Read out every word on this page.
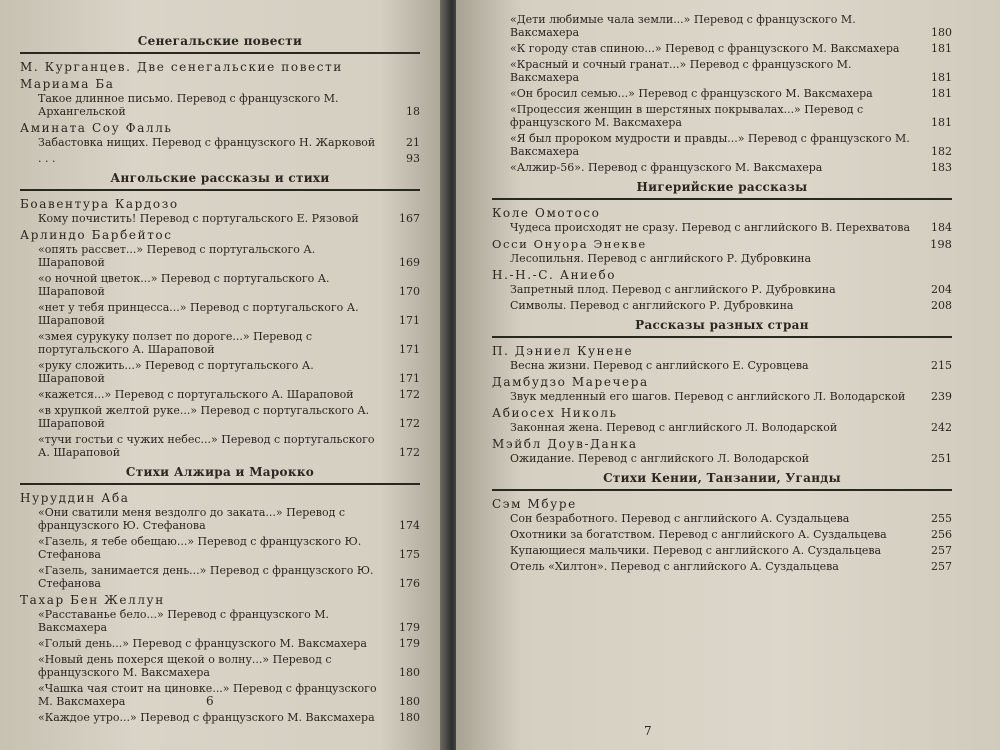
Сенегальские повести
М. Курганцев. Две сенегальские повести
Мариама Ба
Такое длинное письмо. Перевод с французского М. Архангельской	18
Амината Соу Фалль
Забастовка нищих. Перевод с французского Н. Жарковой	21
. . .	93
Ангольские рассказы и стихи
Боавентура Кардозо
Кому почистить! Перевод с португальского Е. Рязовой	167
Арлиндо Барбейтос
«опять рассвет...» Перевод с португальского А. Шараповой	169
«о ночной цветок...» Перевод с португальского А. Шараповой	170
«нет у тебя принцесса...» Перевод с португальского А. Шараповой	171
«змея сурукуку ползет по дороге...» Перевод с португальского А. Шараповой	171
«руку сложить...» Перевод с португальского А. Шараповой	171
«кажется...» Перевод с португальского А. Шараповой	172
«в хрупкой желтой руке...» Перевод с португальского А. Шараповой	172
«тучи гостьи с чужих небес...» Перевод с португальского А. Шараповой	172
Стихи Алжира и Марокко
Нуруддин Аба
«Они сватили меня вездолго до заката...» Перевод с французского Ю. Стефанова	174
«Газель, я тебе обещаю...» Перевод с французского Ю. Стефанова	175
«Газель, занимается день...» Перевод с французского Ю. Стефанова	176
Тахар Бен Желлун
«Расставанье бело...» Перевод с французского М. Ваксмахера	179
«Голый день...» Перевод с французского М. Ваксмахера	179
«Новый день похерся щекой о волну...» Перевод с французского М. Ваксмахера	180
«Чашка чая стоит на циновке...» Перевод с французского М. Ваксмахера	180
«Каждое утро...» Перевод с французского М. Ваксмахера 180
6
«Дети любимые чала земли...» Перевод с французского М. Ваксмахера	180
«К городу став спиною...» Перевод с французского М. Ваксмахера	181
«Красный и сочный гранат...» Перевод с французского М. Ваксмахера	181
«Он бросил семью...» Перевод с французского М. Ваксмахера	181
«Процессия женщин в шерстяных покрывалах...» Перевод с французского М. Ваксмахера	181
«Я был пророком мудрости и правды...» Перевод с французского М. Ваксмахера	182
«Алжир-56». Перевод с французского М. Ваксмахера	183
Нигерийские рассказы
Коле Омотосо
Чудеса происходят не сразу. Перевод с английского В. Перехватова 184
Осси Онуора Энекве	198
Лесопильня. Перевод с английского Р. Дубровкина
Н.-Н.-С. Аниебо
Запретный плод. Перевод с английского Р. Дубровкина	204
Символы. Перевод с английского Р. Дубровкина	208
Рассказы разных стран
П. Дэниел Кунене
Весна жизни. Перевод с английского Е. Суровцева	215
Дамбудзо Маречера
Звук медленный его шагов. Перевод с английского Л. Володарской 239
Абиосех Николь
Законная жена. Перевод с английского Л. Володарской	242
Мэйбл Доув-Данка
Ожидание. Перевод с английского Л. Володарской	251
Стихи Кении, Танзании, Уганды
Сэм Мбуре
Сон безработного. Перевод с английского А. Суздальцева	255
Охотники за богатством. Перевод с английского А. Суздальцева	256
Купающиеся мальчики. Перевод с английского А. Суздальцева	257
Отель «Хилтон». Перевод с английского А. Суздальцева	257
7
